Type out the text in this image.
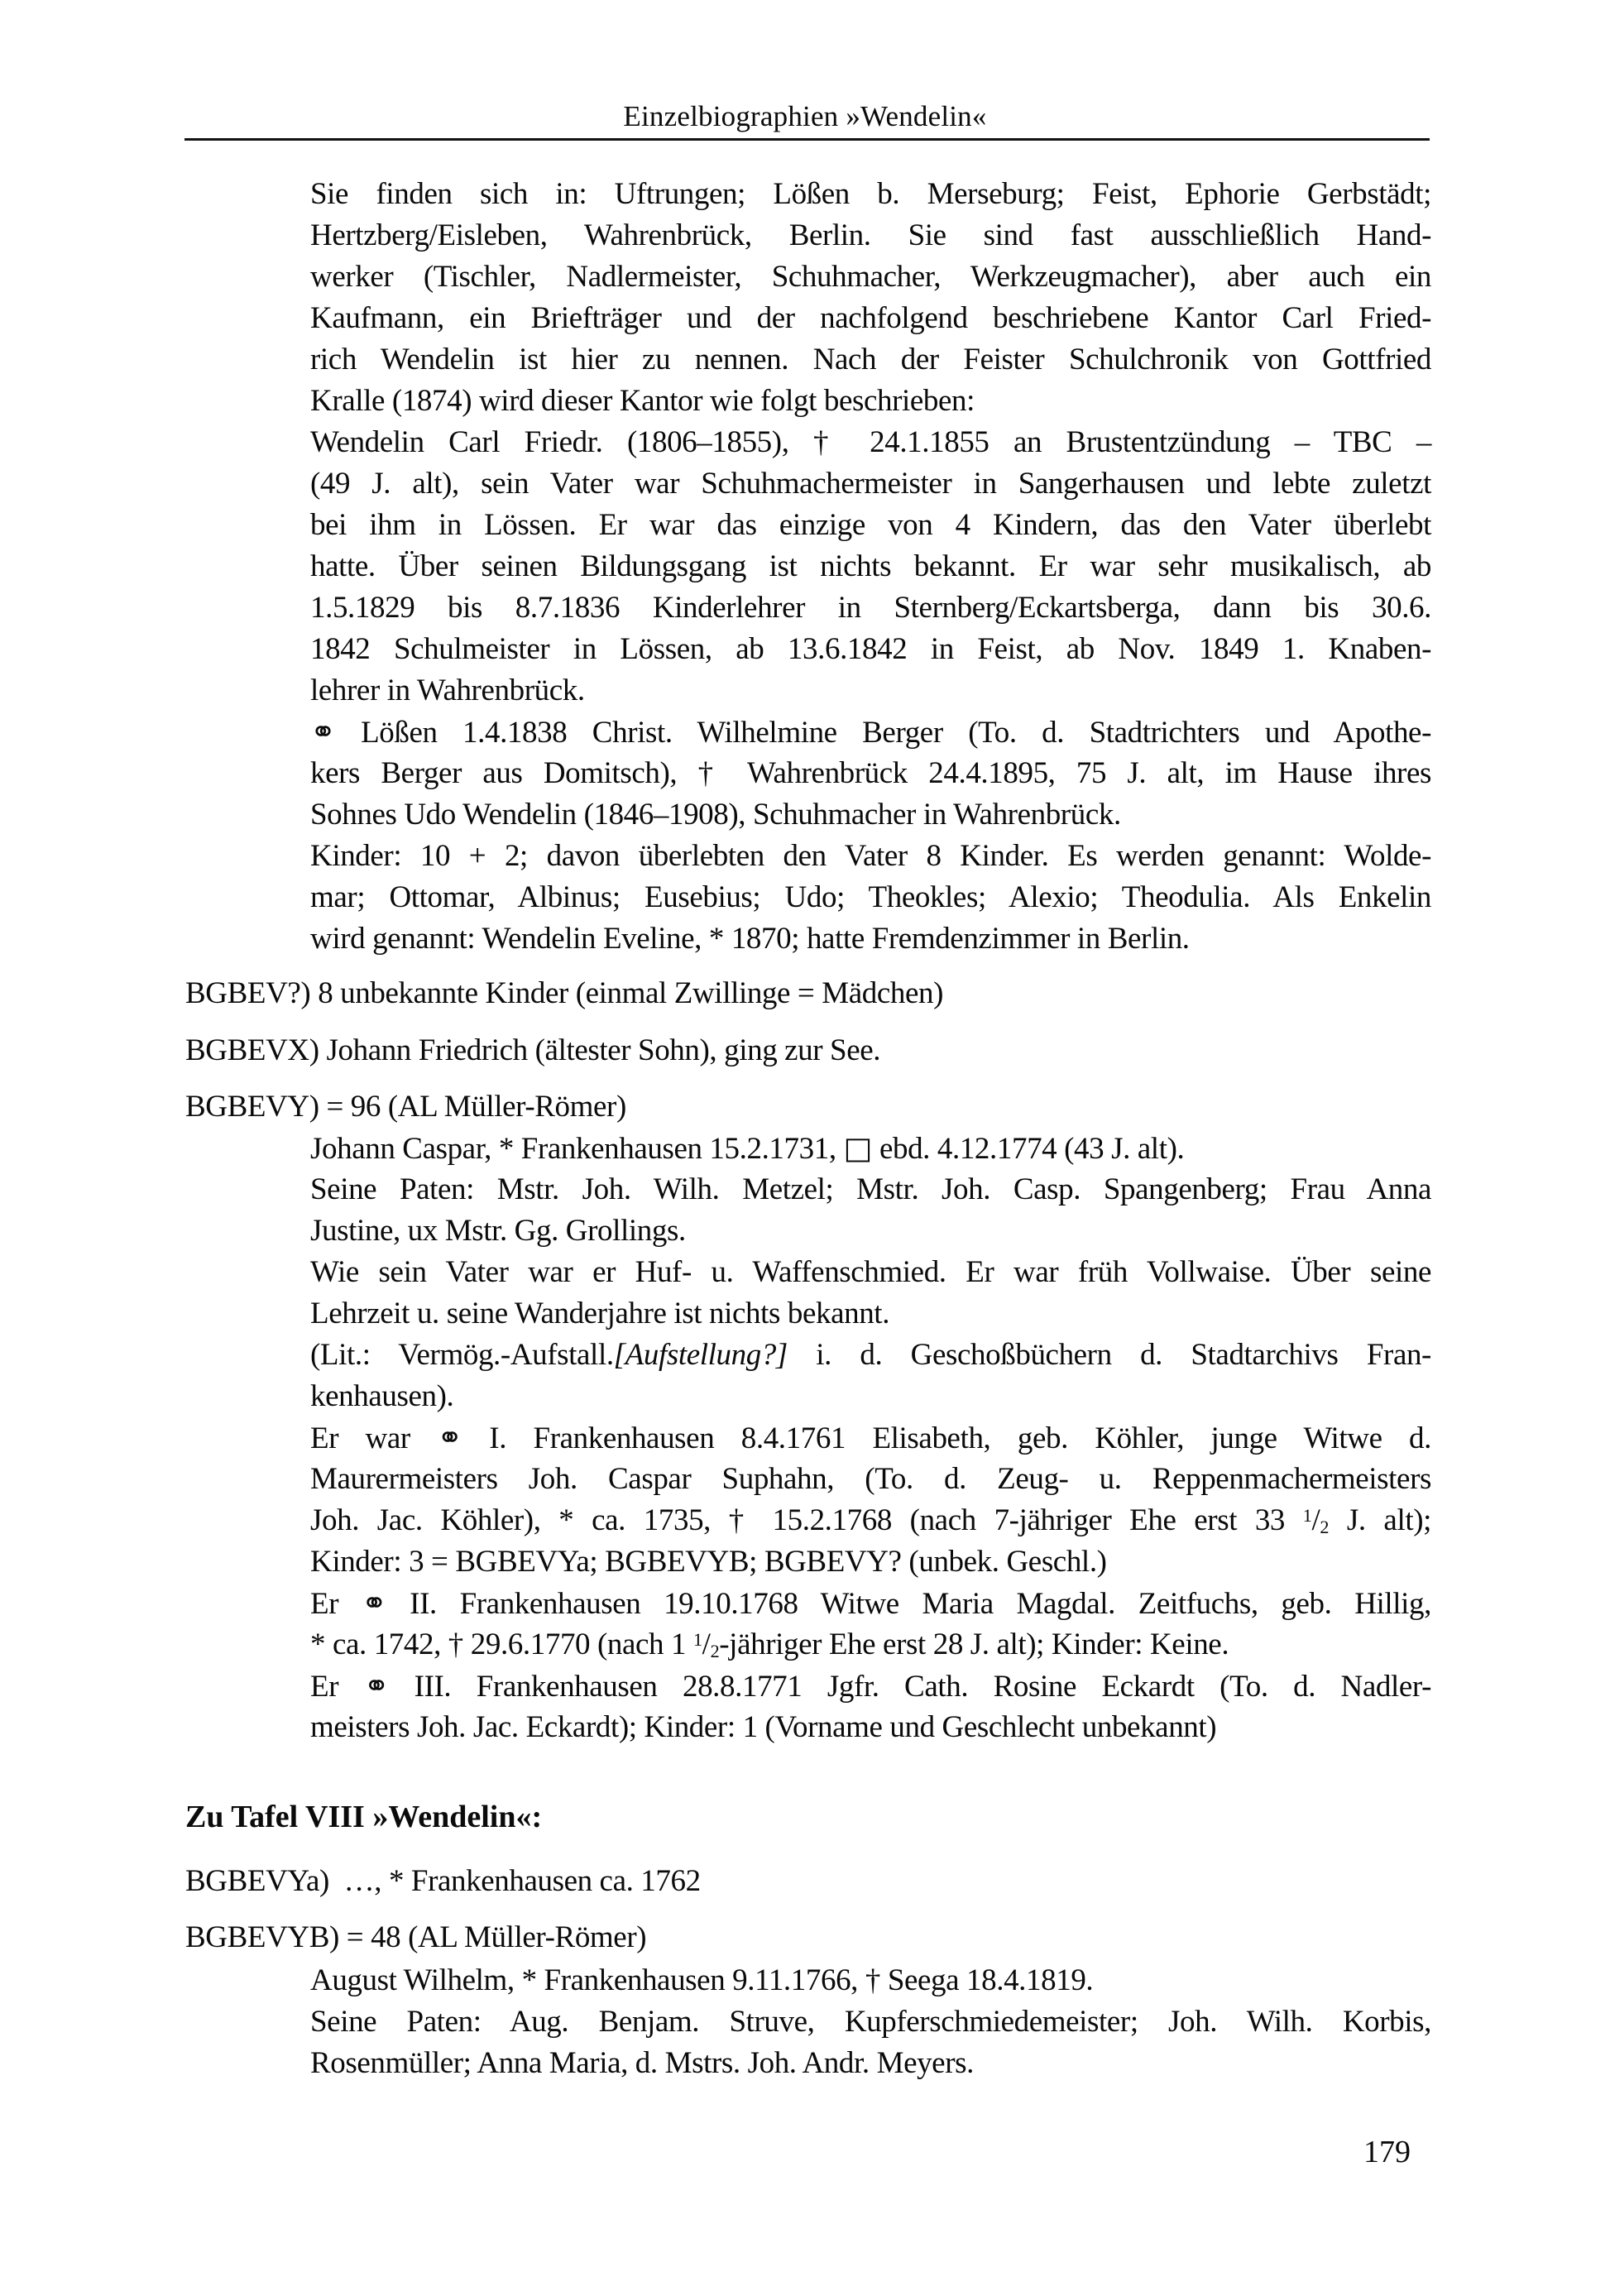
Einzelbiographien »Wendelin«
Sie finden sich in: Uftrungen; Lößen b. Merseburg; Feist, Ephorie Gerbstädt;
Hertzberg/Eisleben, Wahrenbrück, Berlin. Sie sind fast ausschließlich Hand-
werker (Tischler, Nadlermeister, Schuhmacher, Werkzeugmacher), aber auch ein
Kaufmann, ein Briefträger und der nachfolgend beschriebene Kantor Carl Fried-
rich Wendelin ist hier zu nennen. Nach der Feister Schulchronik von Gottfried
Kralle (1874) wird dieser Kantor wie folgt beschrieben:
Wendelin Carl Friedr. (1806–1855), † 24.1.1855 an Brustentzündung – TBC –
(49 J. alt), sein Vater war Schuhmachermeister in Sangerhausen und lebte zuletzt
bei ihm in Lössen. Er war das einzige von 4 Kindern, das den Vater überlebt
hatte. Über seinen Bildungsgang ist nichts bekannt. Er war sehr musikalisch, ab
1.5.1829 bis 8.7.1836 Kinderlehrer in Sternberg/Eckartsberga, dann bis 30.6.
1842 Schulmeister in Lössen, ab 13.6.1842 in Feist, ab Nov. 1849 1. Knaben-
lehrer in Wahrenbrück.
⚭ Lößen 1.4.1838 Christ. Wilhelmine Berger (To. d. Stadtrichters und Apothe-
kers Berger aus Domitsch), † Wahrenbrück 24.4.1895, 75 J. alt, im Hause ihres
Sohnes Udo Wendelin (1846–1908), Schuhmacher in Wahrenbrück.
Kinder: 10 + 2; davon überlebten den Vater 8 Kinder. Es werden genannt: Wolde-
mar; Ottomar, Albinus; Eusebius; Udo; Theokles; Alexio; Theodulia. Als Enkelin
wird genannt: Wendelin Eveline, * 1870; hatte Fremdenzimmer in Berlin.
BGBEV?) 8 unbekannte Kinder (einmal Zwillinge = Mädchen)
BGBEVX) Johann Friedrich (ältester Sohn), ging zur See.
BGBEVY) = 96 (AL Müller-Römer)
Johann Caspar, * Frankenhausen 15.2.1731, □ ebd. 4.12.1774 (43 J. alt).
Seine Paten: Mstr. Joh. Wilh. Metzel; Mstr. Joh. Casp. Spangenberg; Frau Anna
Justine, ux Mstr. Gg. Grollings.
Wie sein Vater war er Huf- u. Waffenschmied. Er war früh Vollwaise. Über seine
Lehrzeit u. seine Wanderjahre ist nichts bekannt.
(Lit.: Vermög.-Aufstall.[Aufstellung?] i. d. Geschoßbüchern d. Stadtarchivs Fran-
kenhausen).
Er war ⚭ I. Frankenhausen 8.4.1761 Elisabeth, geb. Köhler, junge Witwe d.
Maurermeisters Joh. Caspar Suphahn, (To. d. Zeug- u. Reppenmachermeisters
Joh. Jac. Köhler), * ca. 1735, † 15.2.1768 (nach 7-jähriger Ehe erst 33 $^1$/2 J. alt);
Kinder: 3 = BGBEVYa; BGBEVYB; BGBEVY? (unbek. Geschl.)
Er ⚭ II. Frankenhausen 19.10.1768 Witwe Maria Magdal. Zeitfuchs, geb. Hillig,
* ca. 1742, † 29.6.1770 (nach 1 $^1$/2-jähriger Ehe erst 28 J. alt); Kinder: Keine.
Er ⚭ III. Frankenhausen 28.8.1771 Jgfr. Cath. Rosine Eckardt (To. d. Nadler-
meisters Joh. Jac. Eckardt); Kinder: 1 (Vorname und Geschlecht unbekannt)
Zu Tafel VIII »Wendelin«:
BGBEVYa)  …, * Frankenhausen ca. 1762
BGBEVYB) = 48 (AL Müller-Römer)
August Wilhelm, * Frankenhausen 9.11.1766, † Seega 18.4.1819.
Seine Paten: Aug. Benjam. Struve, Kupferschmiedemeister; Joh. Wilh. Korbis,
Rosenmüller; Anna Maria, d. Mstrs. Joh. Andr. Meyers.
179
